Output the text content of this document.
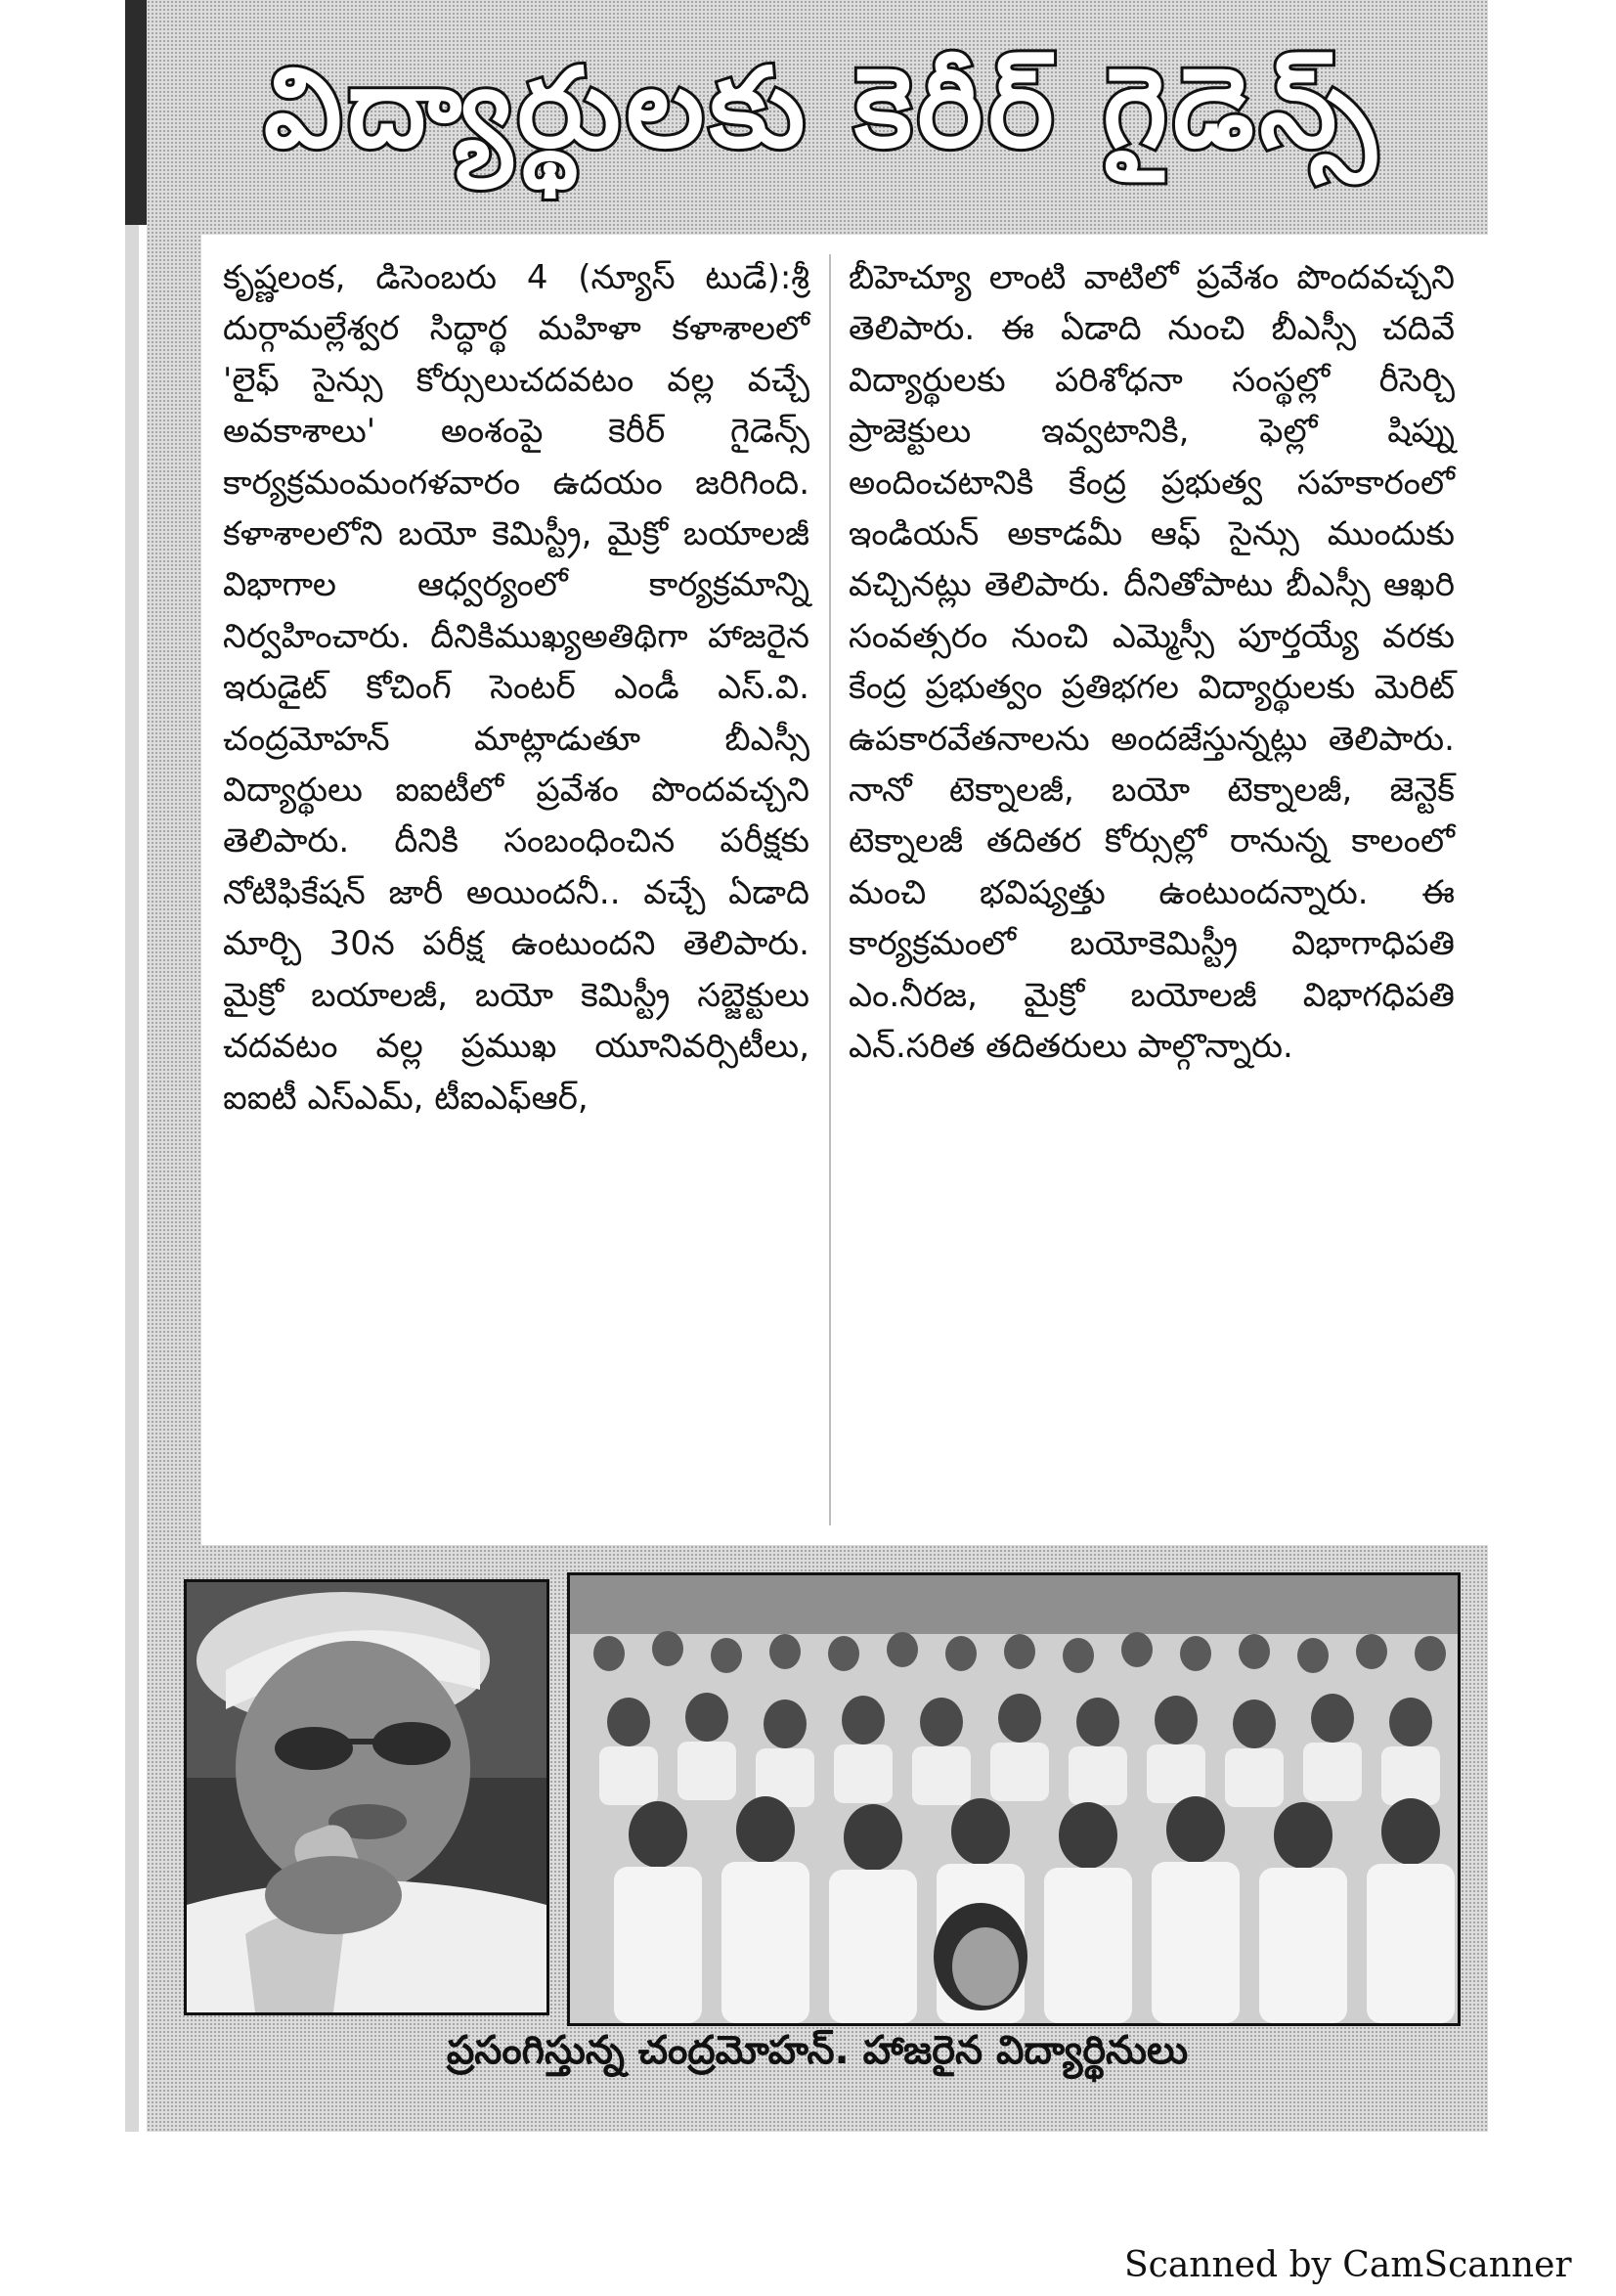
విద్యార్థులకు కెరీర్ గైడెన్స్
కృష్ణలంక, డిసెంబరు 4 (న్యూస్ టుడే):శ్రీ దుర్గామల్లేశ్వర సిద్ధార్థ మహిళా కళాశాలలో 'లైఫ్ సైన్సు కోర్సులుచదవటం వల్ల వచ్చే అవకాశాలు' అంశంపై కెరీర్ గైడెన్స్ కార్యక్రమంమంగళవారం ఉదయం జరిగింది. కళాశాలలోని బయో కెమిస్ట్రీ, మైక్రో బయాలజీ విభాగాల ఆధ్వర్యంలో కార్యక్రమాన్ని నిర్వహించారు. దీనికిముఖ్యఅతిథిగా హాజరైన ఇరుడైట్ కోచింగ్ సెంటర్ ఎండీ ఎస్.వి. చంద్రమోహన్ మాట్లాడుతూ బీఎస్సీ విద్యార్థులు ఐఐటీలో ప్రవేశం పొందవచ్చని తెలిపారు. దీనికి సంబంధించిన పరీక్షకు నోటిఫికేషన్ జారీ అయిందనీ.. వచ్చే ఏడాది మార్చి 30న పరీక్ష ఉంటుందని తెలిపారు. మైక్రో బయాలజీ, బయో కెమిస్ట్రీ సబ్జెక్టులు చదవటం వల్ల ప్రముఖ యూనివర్సిటీలు, ఐఐటీ ఎస్ఎమ్, టీఐఎఫ్ఆర్,
బీహెచ్యూ లాంటి వాటిలో ప్రవేశం పొందవచ్చని తెలిపారు. ఈ ఏడాది నుంచి బీఎస్సీ చదివే విద్యార్థులకు పరిశోధనా సంస్థల్లో రీసెర్చి ప్రాజెక్టులు ఇవ్వటానికి, ఫెల్లో షిప్ను అందించటానికి కేంద్ర ప్రభుత్వ సహకారంలో ఇండియన్ అకాడమీ ఆఫ్ సైన్సు ముందుకు వచ్చినట్లు తెలిపారు. దీనితోపాటు బీఎస్సీ ఆఖరి సంవత్సరం నుంచి ఎమ్మెస్సీ పూర్తయ్యే వరకు కేంద్ర ప్రభుత్వం ప్రతిభగల విద్యార్థులకు మెరిట్ ఉపకారవేతనాలను అందజేస్తున్నట్లు తెలిపారు. నానో టెక్నాలజీ, బయో టెక్నాలజీ, జెన్టెక్ టెక్నాలజీ తదితర కోర్సుల్లో రానున్న కాలంలో మంచి భవిష్యత్తు ఉంటుందన్నారు. ఈ కార్యక్రమంలో బయోకెమిస్ట్రీ విభాగాధిపతి ఎం.నీరజ, మైక్రో బయోలజీ విభాగధిపతి ఎన్.సరిత తదితరులు పాల్గొన్నారు.
ప్రసంగిస్తున్న చంద్రమోహన్. హాజరైన విద్యార్థినులు
Scanned by CamScanner
